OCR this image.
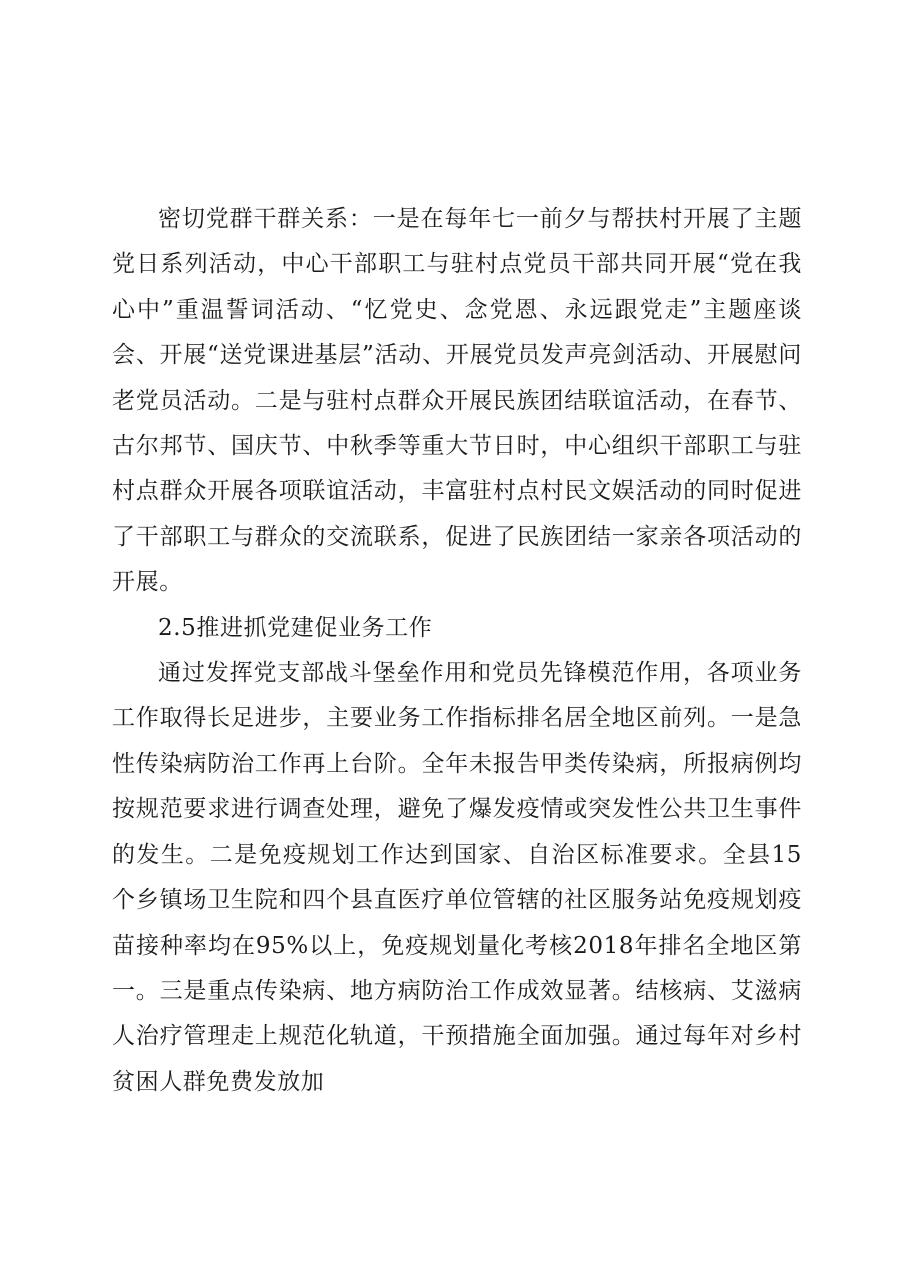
密切党群干群关系：一是在每年七一前夕与帮扶村开展了主题党日系列活动，中心干部职工与驻村点党员干部共同开展“党在我心中”重温誓词活动、“忆党史、念党恩、永远跟党走”主题座谈会、开展“送党课进基层”活动、开展党员发声亮剑活动、开展慰问老党员活动。二是与驻村点群众开展民族团结联谊活动，在春节、古尔邦节、国庆节、中秋季等重大节日时，中心组织干部职工与驻村点群众开展各项联谊活动，丰富驻村点村民文娱活动的同时促进了干部职工与群众的交流联系，促进了民族团结一家亲各项活动的开展。

2.5推进抓党建促业务工作

通过发挥党支部战斗堡垒作用和党员先锋模范作用，各项业务工作取得长足进步，主要业务工作指标排名居全地区前列。一是急性传染病防治工作再上台阶。全年未报告甲类传染病，所报病例均按规范要求进行调查处理，避免了爆发疫情或突发性公共卫生事件的发生。二是免疫规划工作达到国家、自治区标准要求。全县15个乡镇场卫生院和四个县直医疗单位管辖的社区服务站免疫规划疫苗接种率均在95%以上，免疫规划量化考核2018年排名全地区第一。三是重点传染病、地方病防治工作成效显著。结核病、艾滋病人治疗管理走上规范化轨道，干预措施全面加强。通过每年对乡村贫困人群免费发放加
